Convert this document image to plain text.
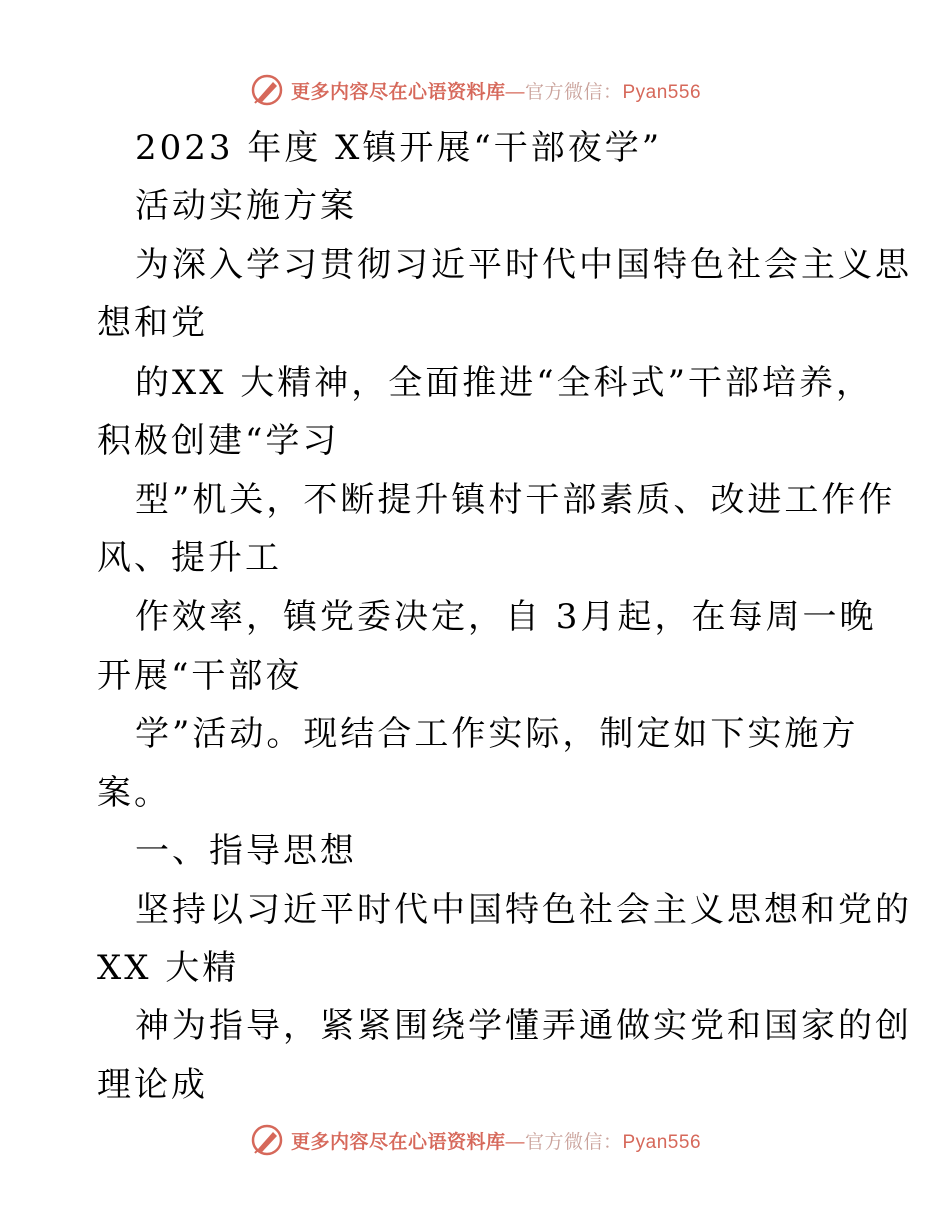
更多内容尽在心语资料库—官方微信：Pyan556
2023 年度 X镇开展“干部夜学”
活动实施方案
为深入学习贯彻习近平时代中国特色社会主义思
想和党
的XX 大精神，全面推进“全科式”干部培养，
积极创建“学习
型”机关，不断提升镇村干部素质、改进工作作
风、提升工
作效率，镇党委决定，自 3月起，在每周一晚
开展“干部夜
学”活动。现结合工作实际，制定如下实施方
案。
一、指导思想
坚持以习近平时代中国特色社会主义思想和党的
XX 大精
神为指导，紧紧围绕学懂弄通做实党和国家的创
理论成
更多内容尽在心语资料库—官方微信：Pyan556
